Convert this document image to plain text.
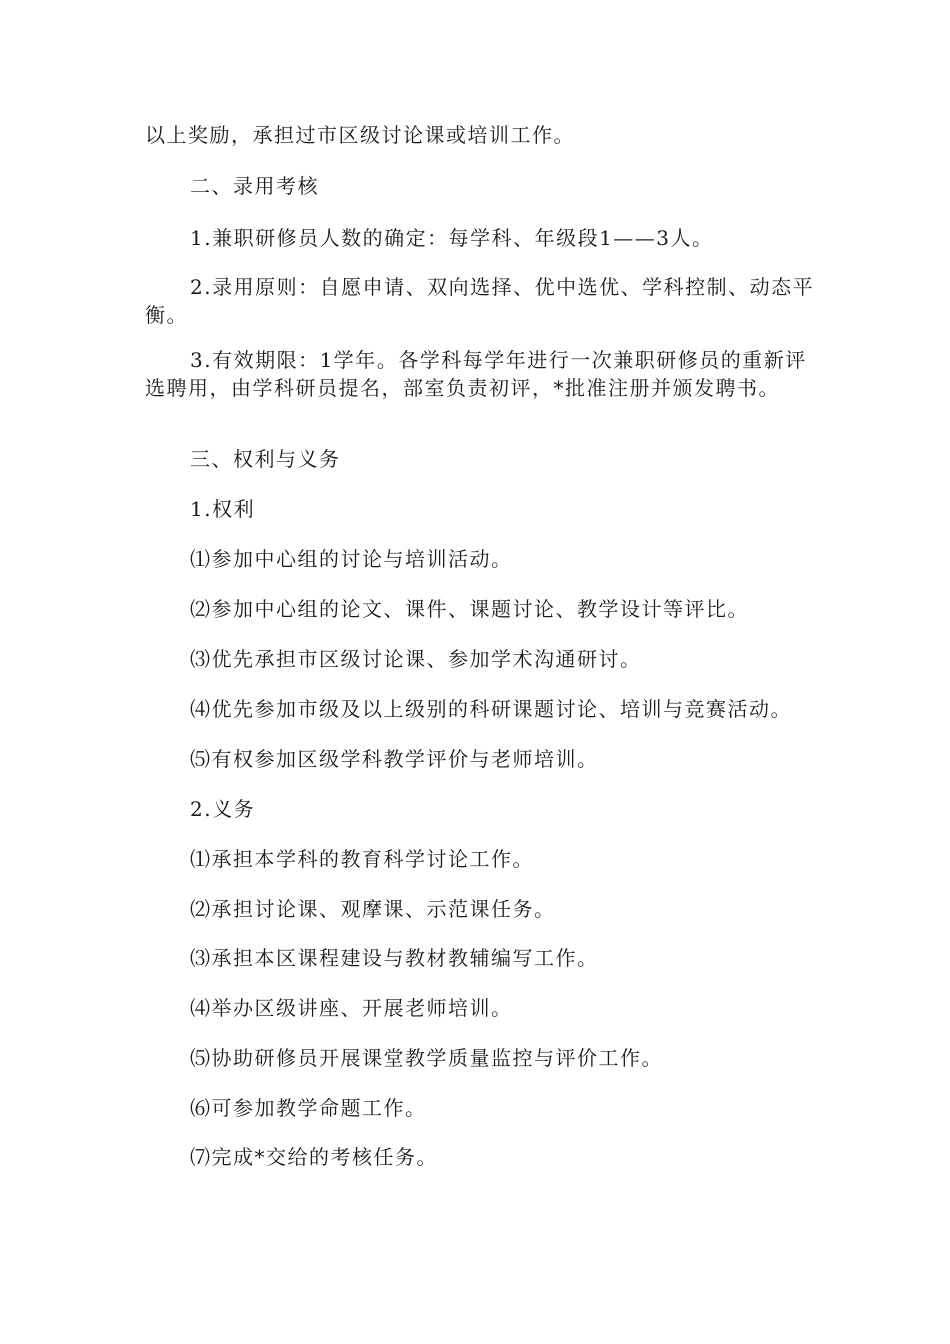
以上奖励，承担过市区级讨论课或培训工作。
二、录用考核
1.兼职研修员人数的确定：每学科、年级段1——3人。
2.录用原则：自愿申请、双向选择、优中选优、学科控制、动态平衡。
3.有效期限：1学年。各学科每学年进行一次兼职研修员的重新评选聘用，由学科研员提名，部室负责初评，*批准注册并颁发聘书。
三、权利与义务
1.权利
⑴参加中心组的讨论与培训活动。
⑵参加中心组的论文、课件、课题讨论、教学设计等评比。
⑶优先承担市区级讨论课、参加学术沟通研讨。
⑷优先参加市级及以上级别的科研课题讨论、培训与竞赛活动。
⑸有权参加区级学科教学评价与老师培训。
2.义务
⑴承担本学科的教育科学讨论工作。
⑵承担讨论课、观摩课、示范课任务。
⑶承担本区课程建设与教材教辅编写工作。
⑷举办区级讲座、开展老师培训。
⑸协助研修员开展课堂教学质量监控与评价工作。
⑹可参加教学命题工作。
⑺完成*交给的考核任务。
